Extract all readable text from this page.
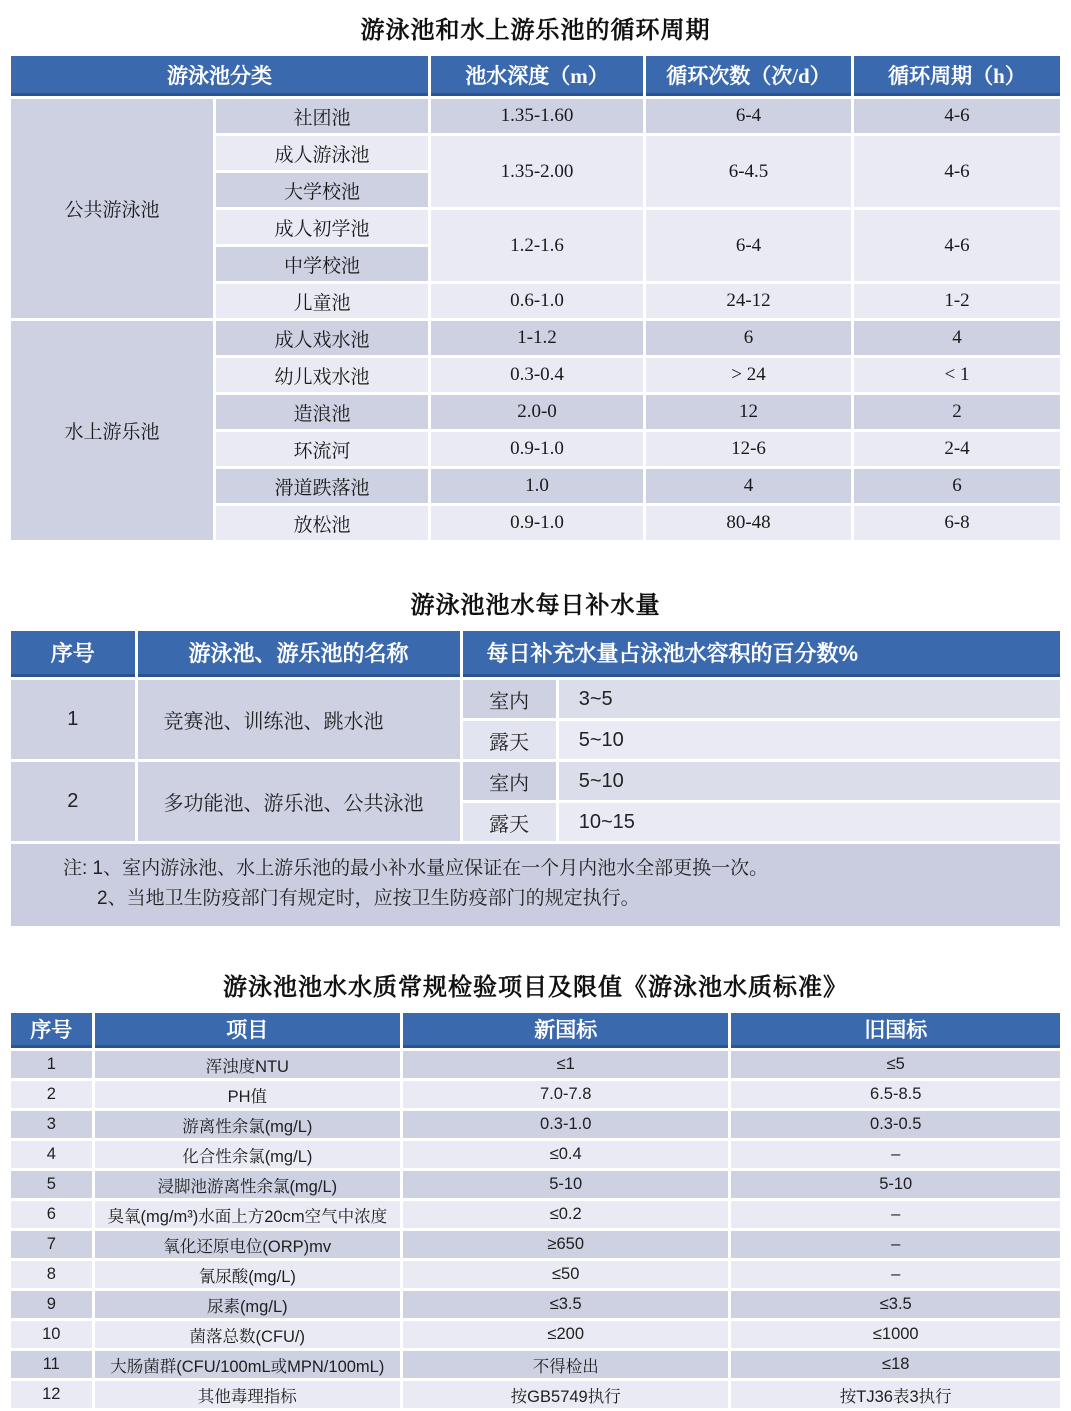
游泳池和水上游乐池的循环周期
游泳池分类		池水深度（m）	循环次数（次/d）	循环周期（h）
公共游泳池	社团池	1.35-1.60	6-4	4-6
	成人游泳池	1.35-2.00	6-4.5	4-6
	大学校池			
	成人初学池	1.2-1.6	6-4	4-6
	中学校池			
	儿童池	0.6-1.0	24-12	1-2
水上游乐池	成人戏水池	1-1.2	6	4
	幼儿戏水池	0.3-0.4	> 24	< 1
	造浪池	2.0-0	12	2
	环流河	0.9-1.0	12-6	2-4
	滑道跌落池	1.0	4	6
	放松池	0.9-1.0	80-48	6-8
游泳池池水每日补水量
序号	游泳池、游乐池的名称	每日补充水量占泳池水容积的百分数%	
1	竞赛池、训练池、跳水池	室内	3~5
		露天	5~10
2	多功能池、游乐池、公共泳池	室内	5~10
		露天	10~15

注: 1、室内游泳池、水上游乐池的最小补水量应保证在一个月内池水全部更换一次。
2、当地卫生防疫部门有规定时，应按卫生防疫部门的规定执行。			
游泳池池水水质常规检验项目及限值《游泳池水质标准》
序号	项目	新国标	旧国标
1	浑浊度NTU	≤1	≤5
2	PH值	7.0-7.8	6.5-8.5
3	游离性余氯(mg/L)	0.3-1.0	0.3-0.5
4	化合性余氯(mg/L)	≤0.4	–
5	浸脚池游离性余氯(mg/L)	5-10	5-10
6	臭氧(mg/m³)水面上方20cm空气中浓度	≤0.2	–
7	氧化还原电位(ORP)mv	≥650	–
8	氰尿酸(mg/L)	≤50	–
9	尿素(mg/L)	≤3.5	≤3.5
10	菌落总数(CFU/)	≤200	≤1000
11	大肠菌群(CFU/100mL或MPN/100mL)	不得检出	≤18
12	其他毒理指标	按GB5749执行	按TJ36表3执行
